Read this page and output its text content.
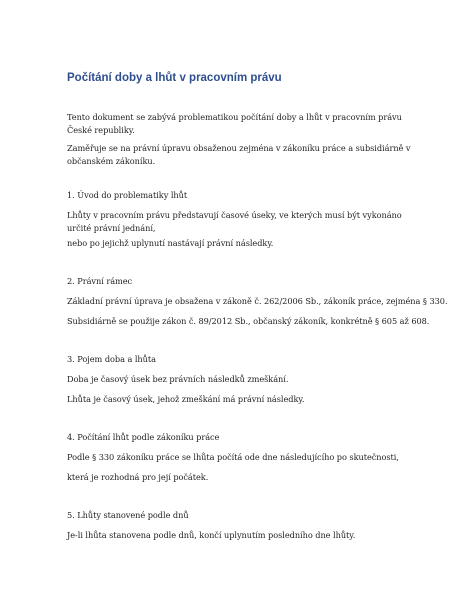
Počítání doby a lhůt v pracovním právu
Tento dokument se zabývá problematikou počítání doby a lhůt v pracovním právu České republiky.
Zaměřuje se na právní úpravu obsaženou zejména v zákoníku práce a subsidiárně v občanském zákoníku.
1. Úvod do problematiky lhůt
Lhůty v pracovním právu představují časové úseky, ve kterých musí být vykonáno určité právní jednání,
nebo po jejichž uplynutí nastávají právní následky.
2. Právní rámec
Základní právní úprava je obsažena v zákoně č. 262/2006 Sb., zákoník práce, zejména § 330.
Subsidiárně se použije zákon č. 89/2012 Sb., občanský zákoník, konkrétně § 605 až 608.
3. Pojem doba a lhůta
Doba je časový úsek bez právních následků zmeškání.
Lhůta je časový úsek, jehož zmeškání má právní následky.
4. Počítání lhůt podle zákoníku práce
Podle § 330 zákoníku práce se lhůta počítá ode dne následujícího po skutečnosti,
která je rozhodná pro její počátek.
5. Lhůty stanovené podle dnů
Je-li lhůta stanovena podle dnů, končí uplynutím posledního dne lhůty.
